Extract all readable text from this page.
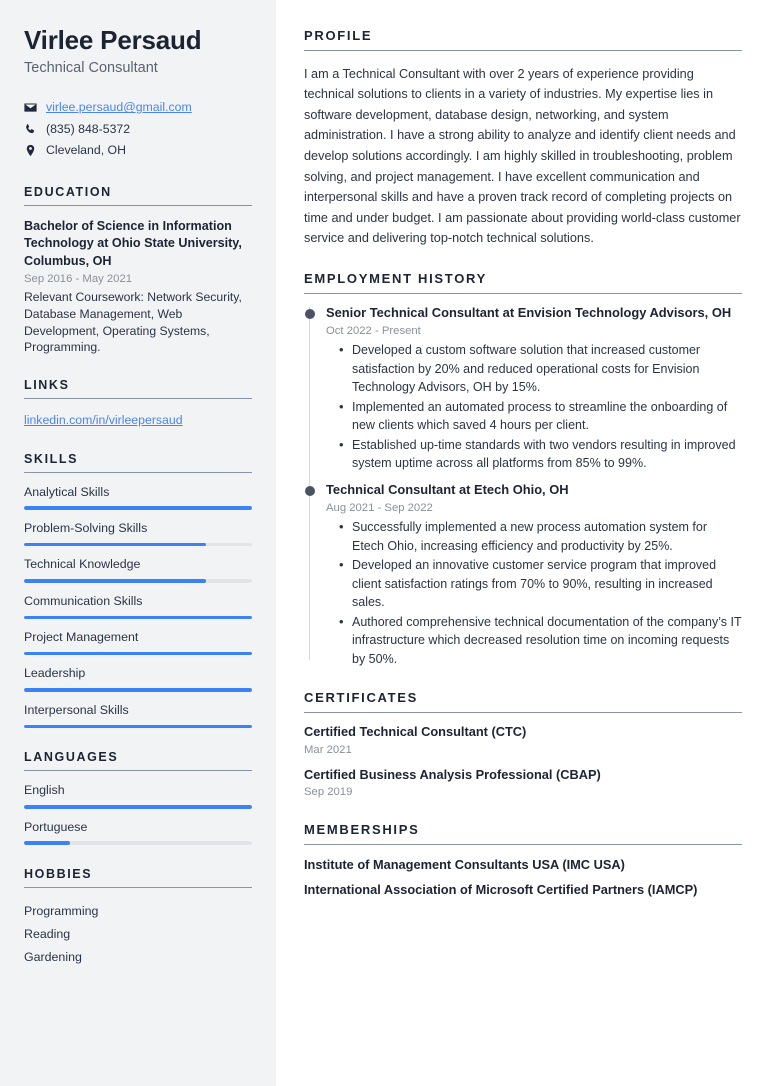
Virlee Persaud
Technical Consultant
virlee.persaud@gmail.com
(835) 848-5372
Cleveland, OH
EDUCATION
Bachelor of Science in Information Technology at Ohio State University, Columbus, OH
Sep 2016 - May 2021
Relevant Coursework: Network Security, Database Management, Web Development, Operating Systems, Programming.
LINKS
linkedin.com/in/virleepersaud
SKILLS
Analytical Skills
Problem-Solving Skills
Technical Knowledge
Communication Skills
Project Management
Leadership
Interpersonal Skills
LANGUAGES
English
Portuguese
HOBBIES
Programming
Reading
Gardening
PROFILE

I am a Technical Consultant with over 2 years of experience providing technical solutions to clients in a variety of industries. My expertise lies in software development, database design, networking, and system administration. I have a strong ability to analyze and identify client needs and develop solutions accordingly. I am highly skilled in troubleshooting, problem solving, and project management. I have excellent communication and interpersonal skills and have a proven track record of completing projects on time and under budget. I am passionate about providing world-class customer service and delivering top-notch technical solutions.

EMPLOYMENT HISTORY
Senior Technical Consultant at Envision Technology Advisors, OH
Oct 2022 - Present
• Developed a custom software solution that increased customer satisfaction by 20% and reduced operational costs for Envision Technology Advisors, OH by 15%.
• Implemented an automated process to streamline the onboarding of new clients which saved 4 hours per client.
• Established up-time standards with two vendors resulting in improved system uptime across all platforms from 85% to 99%.
Technical Consultant at Etech Ohio, OH
Aug 2021 - Sep 2022
• Successfully implemented a new process automation system for Etech Ohio, increasing efficiency and productivity by 25%.
• Developed an innovative customer service program that improved client satisfaction ratings from 70% to 90%, resulting in increased sales.
• Authored comprehensive technical documentation of the company’s IT infrastructure which decreased resolution time on incoming requests by 50%.
CERTIFICATES
Certified Technical Consultant (CTC)
Mar 2021
Certified Business Analysis Professional (CBAP)
Sep 2019
MEMBERSHIPS
Institute of Management Consultants USA (IMC USA)
International Association of Microsoft Certified Partners (IAMCP)
